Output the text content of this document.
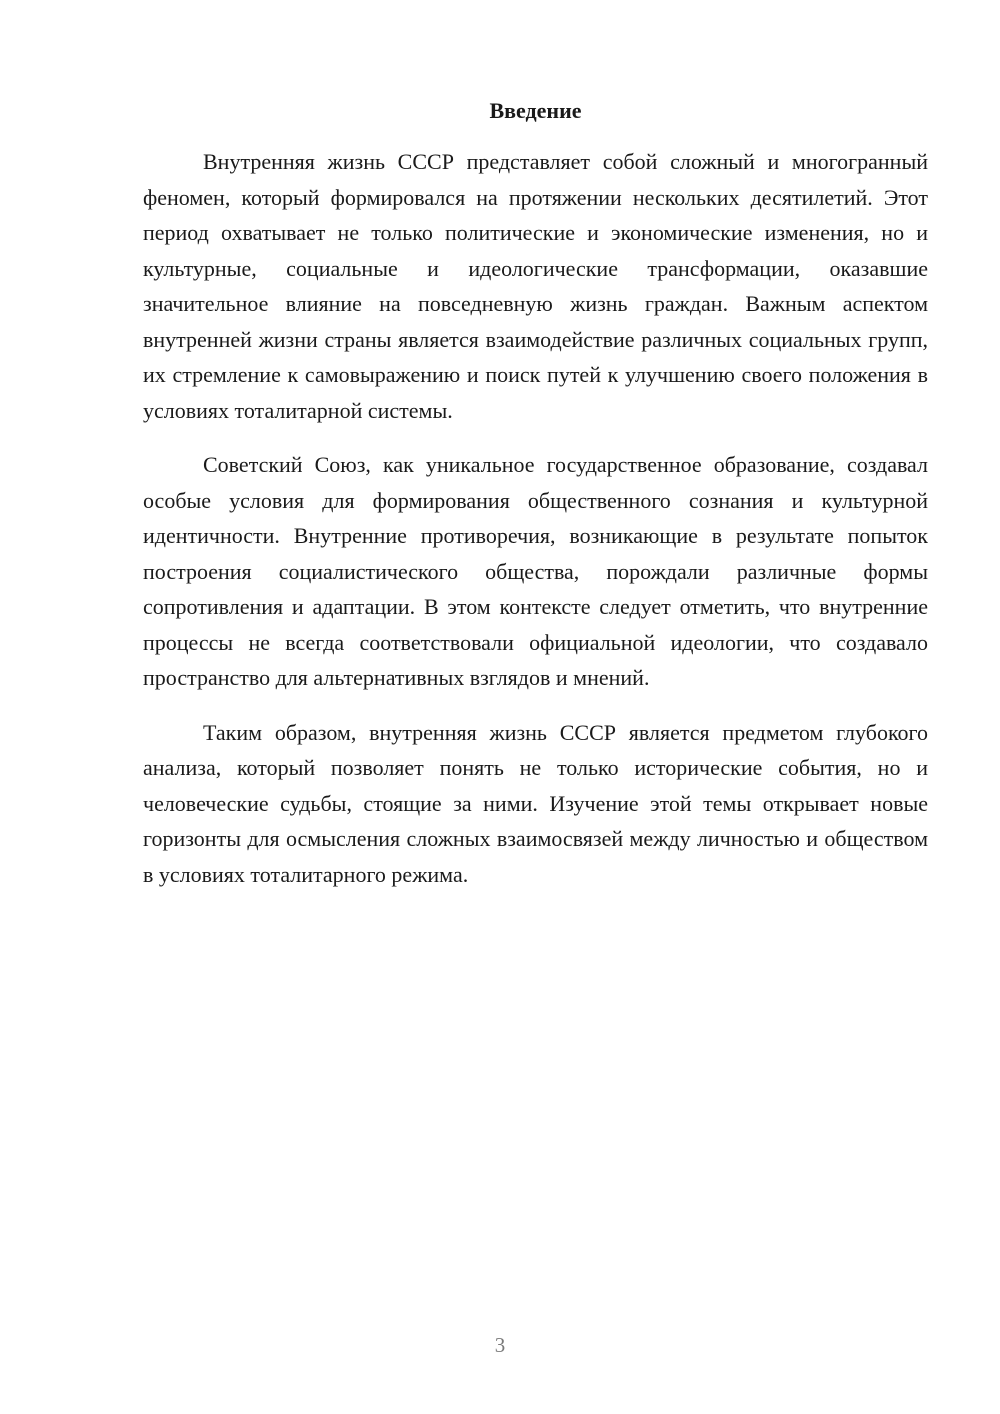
Введение

Внутренняя жизнь СССР представляет собой сложный и многогранный феномен, который формировался на протяжении нескольких десятилетий. Этот период охватывает не только политические и экономические изменения, но и культурные, социальные и идеологические трансформации, оказавшие значительное влияние на повседневную жизнь граждан. Важным аспектом внутренней жизни страны является взаимодействие различных социальных групп, их стремление к самовыражению и поиск путей к улучшению своего положения в условиях тоталитарной системы.

Советский Союз, как уникальное государственное образование, создавал особые условия для формирования общественного сознания и культурной идентичности. Внутренние противоречия, возникающие в результате попыток построения социалистического общества, порождали различные формы сопротивления и адаптации. В этом контексте следует отметить, что внутренние процессы не всегда соответствовали официальной идеологии, что создавало пространство для альтернативных взглядов и мнений.

Таким образом, внутренняя жизнь СССР является предметом глубокого анализа, который позволяет понять не только исторические события, но и человеческие судьбы, стоящие за ними. Изучение этой темы открывает новые горизонты для осмысления сложных взаимосвязей между личностью и обществом в условиях тоталитарного режима.

3
